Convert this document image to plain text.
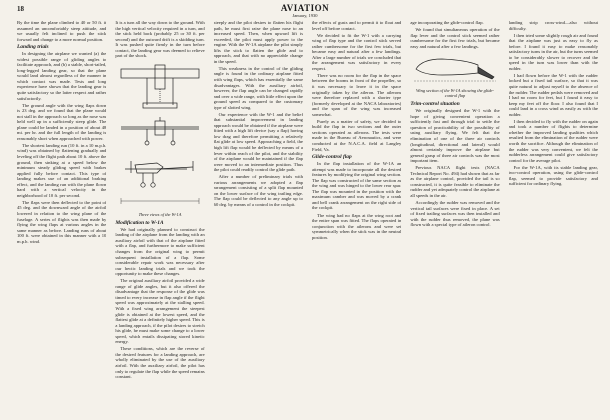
18	AVIATION
January, 1930

By the time the plane climbed to 40 or 50 ft. it assumed an uncomfortably steep attitude, and we usually felt inclined to push the stick forward and change to a more normal position.

Landing trials

In designing the airplane we wanted (a) the widest possible range of gliding angles to facilitate approach, and (b) a stable, short-tailed, long-legged landing gear, so that the plane would land almost regardless of the manner in which contact was made. Tests and long experience have shown that the landing gear is quite satisfactory so the latter respect and rather satisfactorily.

The ground angle with the wing flaps down is 23 deg. and we found that the plane would not stall in the approach so long as the nose was held well up in a sufficiently steep glide. The plane could be landed in a position of about 48 mi. per hr. and the full length of the landing is reasonably short when approached with power.

The shortest landing run (10 ft. in a 10 m.p.h. wind) was obtained by flattening gradually and leveling off the flight path about 10 ft. above the ground, then sinking at a speed below the minimum steady gliding speed with brakes applied fully before contact. This type of landing makes use of an additional braking effect, and the landing run with the plane flown hard with a vertical velocity in the neighborhood of 10 ft. per second.

The flaps were then deflected to the point of 45 deg. and the downward angle of the airfoil lowered in relation to the wing plane of the fuselage. A series of flights was then made by flying the wing flaps at various angles in the same manner as before. Landing runs of about 100 ft. were obtained in this manner with a 10 m.p.h. wind.

It is a turn all the way down to the ground. With the high vertical velocity required in a turn, and the stick held back (probably 25 or 30 ft. per second) and the outward drift is a skidding turn. It was pushed quite firmly in the turn before contact, the landing gear was deemed to relieve part of the shock.

Three views of the W-1A
Modification to W-1A

We had originally planned to construct the landing of the airplane from the landing with an auxiliary airfoil with that of the airplane fitted with a flap, and furthermore to make sufficient changes from the original wing to permit subsequent installation of a flap. Some considerable repair work was necessary after our hectic landing trials and we took the opportunity to make these changes.

The original auxiliary airfoil provided a wide range of glide angles, but it also offered the disadvantage that the response of the glide was timed to every increase in flap angle if the flight speed was approximately at the stalling speed. With a fixed wing arrangement the steepest glide is obtained at the lowest speed, and the flattest glide at a definitely higher speed. This is a landing approach, if the pilot desires to stretch his glide, he must make some change to a lower speed, which entails dissipating stored kinetic energy.

These conditions, which are the reverse of the desired features for a landing approach, are wholly eliminated by the use of the auxiliary airfoil. With the auxiliary airfoil, the pilot has only to regulate the flap while the speed remains constant.

steeply and the pilot desires to flatten his flight path, he must first raise the plane nose to an increased speed. Then, when upward lift is exceeded, the pilot must apply power to the engine. With the W-1A airplane the pilot simply lifts the stick to flatten the glide and to approach, and that with no appreciable change in the speed.

This weakness in the control of the gliding angle is found in the ordinary airplane fitted with wing flaps, which has essentially the same disadvantages. With the auxiliary airfoil, however, the flap angle can be changed rapidly and over a wide range, with little effect upon the ground speed as compared to the customary type of slotted wing.

Our experience with the W-1 and the belief that substantial improvement in landing approach would be obtained if the airplane were fitted with a high lift device (say a flap) having low drag and therefore permitting a relatively flat glide at low speed. Approaching a field, the high lift flap would be deflected by means of a lever within reach of the pilot, and the stability of the airplane would be maintained if the flap were moved to an intermediate position. Thus the pilot could readily control the glide path.

After a number of preliminary trials with various arrangements we adopted a flap arrangement consisting of a split flap mounted on the lower surface of the wing trailing edge. The flap could be deflected to any angle up to 60 deg. by means of a control in the cockpit.

the effects of gusts and to permit it to float and level off before contact.

We decided to fit the W-1 with a carrying wing of flap type and the control stick served rather cumbersome for the first few trials, but became easy and natural after a few landings. After a large number of trials we concluded that the arrangement was satisfactory in every respect.

There was no room for the flap in the space between the booms in front of the propeller, so it was necessary to leave it in the space originally taken by the aileron. The ailerons were therefore replaced with a shorter type (formerly developed at the NACA laboratories) and the span of the wing was increased somewhat.

Purely as a matter of safety, we decided to build the flap in two sections and the outer sections operated as ailerons. The tests were made in the Bureau of Aeronautics, and were conducted at the N.A.C.A. field at Langley Field, Va.

Glide-control flap

In the flap installation of the W-1A an attempt was made to incorporate all the desired features by modifying the original wing section. The flap was constructed of the same section as the wing and was hinged to the lower rear spar. The flap was mounted in the position with the maximum camber and was moved by a crank and bell crank arrangement on the right side of the cockpit.

The wing had no flaps at the wing root and the entire span was fitted. The flaps operated in conjunction with the ailerons and were set symmetrically when the stick was in the neutral position.

age incorporating the glide-control flap.

We found that simultaneous operation of the flap lever and the control stick seemed rather cumbersome for the first few trials, but became easy and natural after a few landings.

Wing section of the W-1A showing the glide-control flap
Trim-control situation

We originally designed the W-1 with the hope of giving convenient operation a sufficiently fast and through trial to settle the question of practicability of the possibility of using auxiliary flying. We felt that the elimination of one of the three air controls (longitudinal, directional and lateral) would almost certainly improve the airplane but general grasp of three air controls was the most important item.

Previous NACA flight tests (NACA Technical Report No. 494) had shown that as far as the airplane control, provided the tail is so constructed, it is quite feasible to eliminate the rudder and yet adequately control the airplane at all speeds in the air.

Accordingly the rudder was removed and the vertical tail surfaces were fixed in place. A set of fixed trailing surfaces was then installed and with the rudder thus removed, the plane was flown with a special type of aileron control.

landing strip cross-wind—also without difficulty.

I then tried some slightly rough air and found that the airplane was just as easy to fly as before. I found it easy to make reasonably satisfactory turns in the air, but the turns seemed to be considerably slower to recover and the speed in the turn was lower than with the rudder.

I had flown before the W-1 with the rudder locked but a fixed tail surface, so that it was quite natural to adjust myself to the absence of the rudder. The rudder pedals were removed and I had no room for feet, but I found it easy to keep my feet off the floor. I also found that I could land in a cross wind as easily as with the rudder.

I then decided to fly with the rudder on again and took a number of flights to determine whether the improved landing qualities which resulted from the elimination of the rudder were worth the sacrifice. Although the elimination of the rudder was very convenient, we felt the rudderless arrangement could give satisfactory control for the average pilot.

For the W-1A, with its stable landing gear, two-control operation, using the glide-control flap, seemed to provide satisfactory and sufficient for ordinary flying.
